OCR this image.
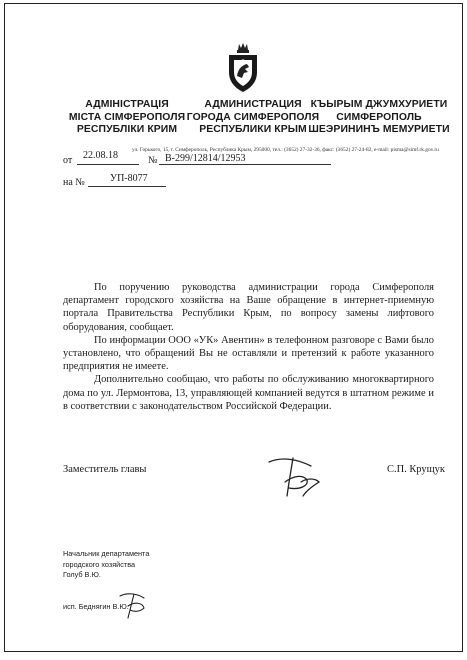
АДМІНІСТРАЦІЯ
МІСТА СІМФЕРОПОЛЯ
РЕСПУБЛІКИ КРИМ
АДМИНИСТРАЦИЯ
ГОРОДА СИМФЕРОПОЛЯ
РЕСПУБЛИКИ КРЫМ
КЪЫРЫМ ДЖУМХУРИЕТИ
СИМФЕРОПОЛЬ
ШЕЭРИНИНЪ МЕМУРИЕТИ
ул. Горького, 15, г. Симферополь, Республика Крым, 295000, тел.: (3652) 27-32-36, факс: (3652) 27-24-82, e-mail: pisma@simf.rk.gov.ru
от 22.08.18	№ В-299/12814/12953
на №	УП-8077

По поручению руководства администрации города Симферополя департамент городского хозяйства на Ваше обращение в интернет-приемную портала Правительства Республики Крым, по вопросу замены лифтового оборудования, сообщает.

По информации ООО «УК» Авентин» в телефонном разговоре с Вами было установлено, что обращений Вы не оставляли и претензий к работе указанного предприятия не имеете.

Дополнительно сообщаю, что работы по обслуживанию многоквартирного дома по ул. Лермонтова, 13, управляющей компанией ведутся в штатном режиме и в соответствии с законодательством Российской Федерации.

Заместитель главы	С.П. Крущук
Начальник департамента
городского хозяйства
Голуб В.Ю.
исп. Беднягин В.Ю.
